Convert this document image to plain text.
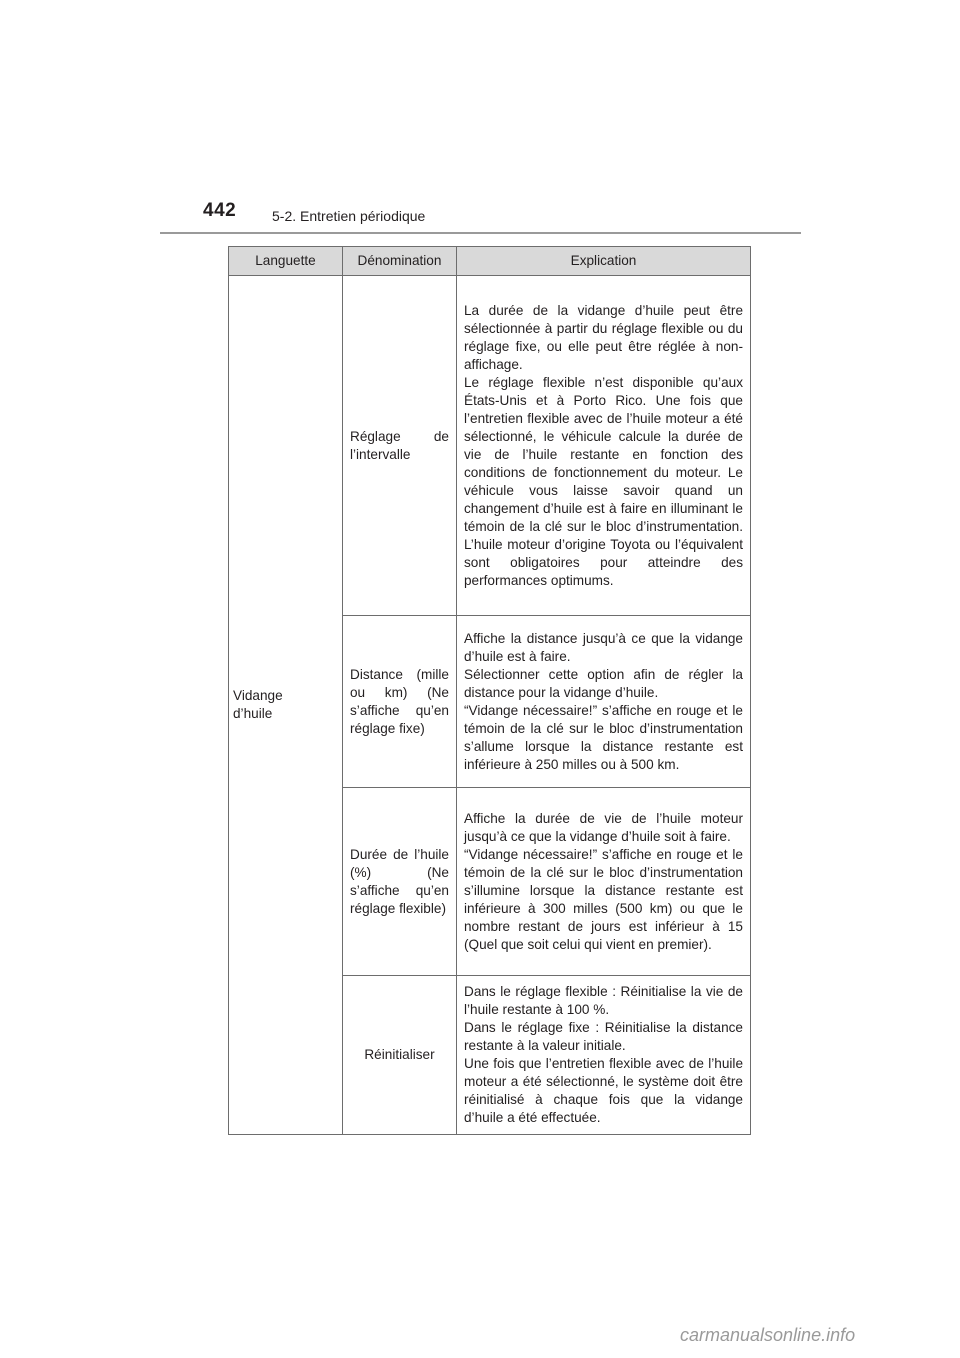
442	5-2. Entretien périodique
Languette	Dénomination	Explication
Vidange
d’huile	Réglage de l’intervalle	La durée de la vidange d’huile peut être sélectionnée à partir du réglage flexible ou du réglage fixe, ou elle peut être réglée à non-affichage.
Le réglage flexible n’est disponible qu’aux États-Unis et à Porto Rico. Une fois que l’entretien flexible avec de l’huile moteur a été sélectionné, le véhicule calcule la durée de vie de l’huile restante en fonction des conditions de fonctionnement du moteur. Le véhicule vous laisse savoir quand un changement d’huile est à faire en illuminant le témoin de la clé sur le bloc d’instrumentation. L’huile moteur d’origine Toyota ou l’équivalent sont obligatoires pour atteindre des performances optimums.

	Distance (mille ou km) (Ne s’affiche qu’en réglage fixe)	Affiche la distance jusqu’à ce que la vidange d’huile est à faire.
Sélectionner cette option afin de régler la distance pour la vidange d’huile.
“Vidange nécessaire!” s’affiche en rouge et le témoin de la clé sur le bloc d’instrumentation s’allume lorsque la distance restante est inférieure à 250 milles ou à 500 km.

	Durée de l’huile (%) (Ne s’affiche qu’en réglage flexible)	Affiche la durée de vie de l’huile moteur jusqu’à ce que la vidange d’huile soit à faire.
“Vidange nécessaire!” s’affiche en rouge et le témoin de la clé sur le bloc d’instrumentation s’illumine lorsque la distance restante est inférieure à 300 milles (500 km) ou que le nombre restant de jours est inférieur à 15 (Quel que soit celui qui vient en premier).

	Réinitialiser	Dans le réglage flexible : Réinitialise la vie de l’huile restante à 100 %.
Dans le réglage fixe : Réinitialise la distance restante à la valeur initiale.
Une fois que l’entretien flexible avec de l’huile moteur a été sélectionné, le système doit être réinitialisé à chaque fois que la vidange d’huile a été effectuée.
carmanualsonline.info
